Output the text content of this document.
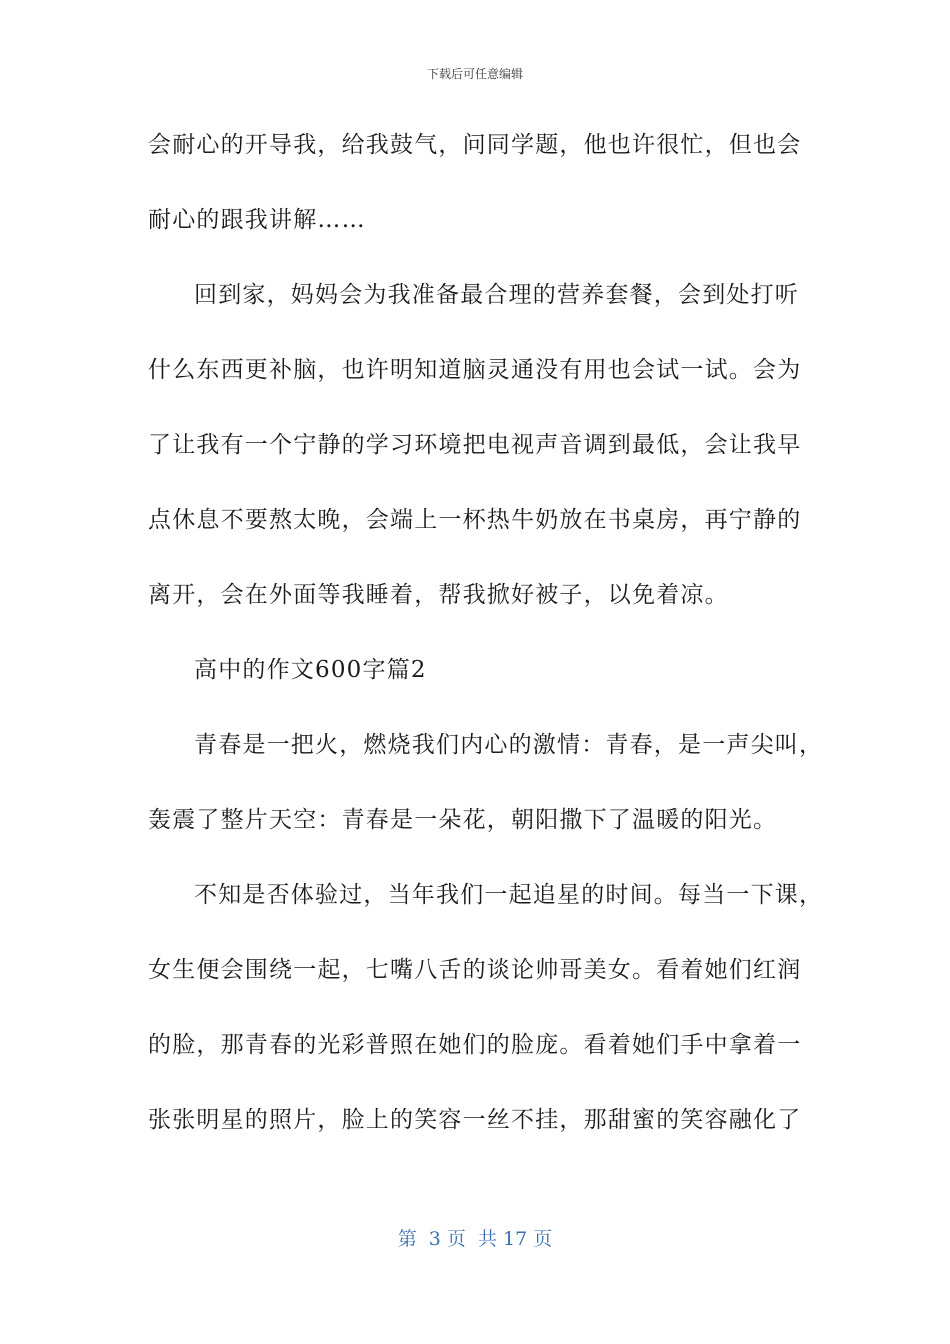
下载后可任意编辑
会耐心的开导我，给我鼓气，问同学题，他也许很忙，但也会
耐心的跟我讲解……
回到家，妈妈会为我准备最合理的营养套餐，会到处打听
什么东西更补脑，也许明知道脑灵通没有用也会试一试。会为
了让我有一个宁静的学习环境把电视声音调到最低，会让我早
点休息不要熬太晚，会端上一杯热牛奶放在书桌房，再宁静的
离开，会在外面等我睡着，帮我掀好被子，以免着凉。
高中的作文600字篇2
青春是一把火，燃烧我们内心的激情：青春，是一声尖叫，
轰震了整片天空：青春是一朵花，朝阳撒下了温暖的阳光。
不知是否体验过，当年我们一起追星的时间。每当一下课，
女生便会围绕一起，七嘴八舌的谈论帅哥美女。看着她们红润
的脸，那青春的光彩普照在她们的脸庞。看着她们手中拿着一
张张明星的照片，脸上的笑容一丝不挂，那甜蜜的笑容融化了
第  3 页  共 17 页
